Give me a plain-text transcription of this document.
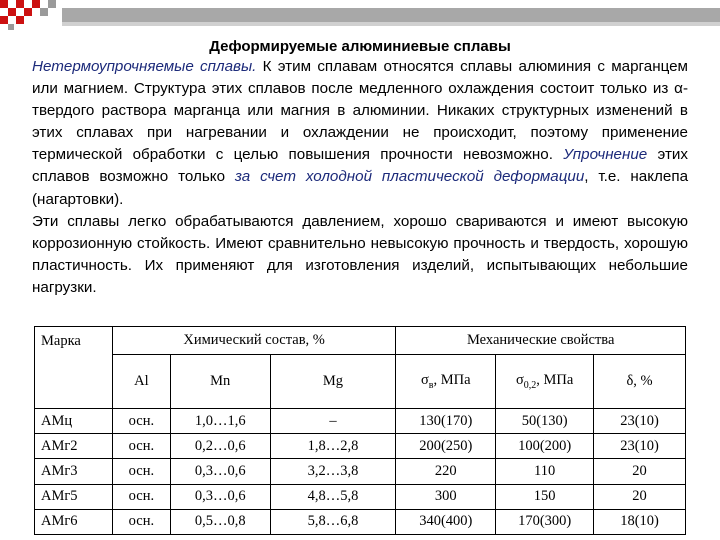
Деформируемые алюминиевые сплавы

Нетермоупрочняемые сплавы. К этим сплавам относятся сплавы алюминия с марганцем или магнием. Структура этих сплавов после медленного охлаждения состоит только из α-твердого раствора марганца или магния в алюминии. Никаких структурных изменений в этих сплавах при нагревании и охлаждении не происходит, поэтому применение термической обработки с целью повышения прочности невозможно. Упрочнение этих сплавов возможно только за счет холодной пластической деформации, т.е. наклепа (нагартовки).

Эти сплавы легко обрабатываются давлением, хорошо свариваются и имеют высокую коррозионную стойкость. Имеют сравнительно невысокую прочность и твердость, хорошую пластичность. Их применяют для изготовления изделий, испытывающих небольшие нагрузки.

Марка	Химический состав, %			Механические свойства		
	Al	Mn	Mg	$\sigma_в$, МПа	$\sigma_{0,2}$, МПа	δ, %
АМц	осн.	1,0…1,6	–	130(170)	50(130)	23(10)
АМг2	осн.	0,2…0,6	1,8…2,8	200(250)	100(200)	23(10)
АМг3	осн.	0,3…0,6	3,2…3,8	220	110	20
АМг5	осн.	0,3…0,6	4,8…5,8	300	150	20
АМг6	осн.	0,5…0,8	5,8…6,8	340(400)	170(300)	18(10)
